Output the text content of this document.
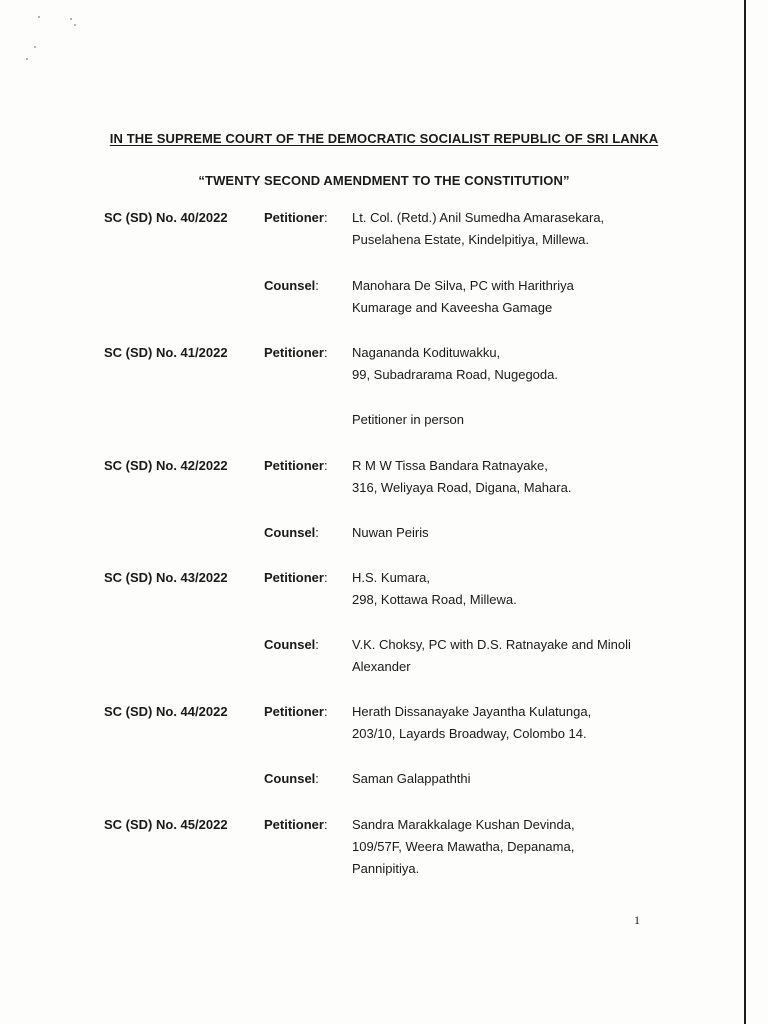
IN THE SUPREME COURT OF THE DEMOCRATIC SOCIALIST REPUBLIC OF SRI LANKA
“TWENTY SECOND AMENDMENT TO THE CONSTITUTION”
SC (SD) No. 40/2022	Petitioner: Lt. Col. (Retd.) Anil Sumedha Amarasekara,
Puselahena Estate, Kindelpitiya, Millewa.
Counsel:	Manohara De Silva, PC with Harithriya
Kumarage and Kaveesha Gamage
SC (SD) No. 41/2022	Petitioner: Nagananda Kodituwakku,
99, Subadrarama Road, Nugegoda.
Petitioner in person
SC (SD) No. 42/2022	Petitioner: R M W Tissa Bandara Ratnayake,
316, Weliyaya Road, Digana, Mahara.
Counsel:	Nuwan Peiris
SC (SD) No. 43/2022	Petitioner: H.S. Kumara,
298, Kottawa Road, Millewa.
Counsel:	V.K. Choksy, PC with D.S. Ratnayake and Minoli
Alexander
SC (SD) No. 44/2022	Petitioner: Herath Dissanayake Jayantha Kulatunga,
203/10, Layards Broadway, Colombo 14.
Counsel:	Saman Galappaththi
SC (SD) No. 45/2022	Petitioner: Sandra Marakkalage Kushan Devinda,
109/57F, Weera Mawatha, Depanama,
Pannipitiya.
1
